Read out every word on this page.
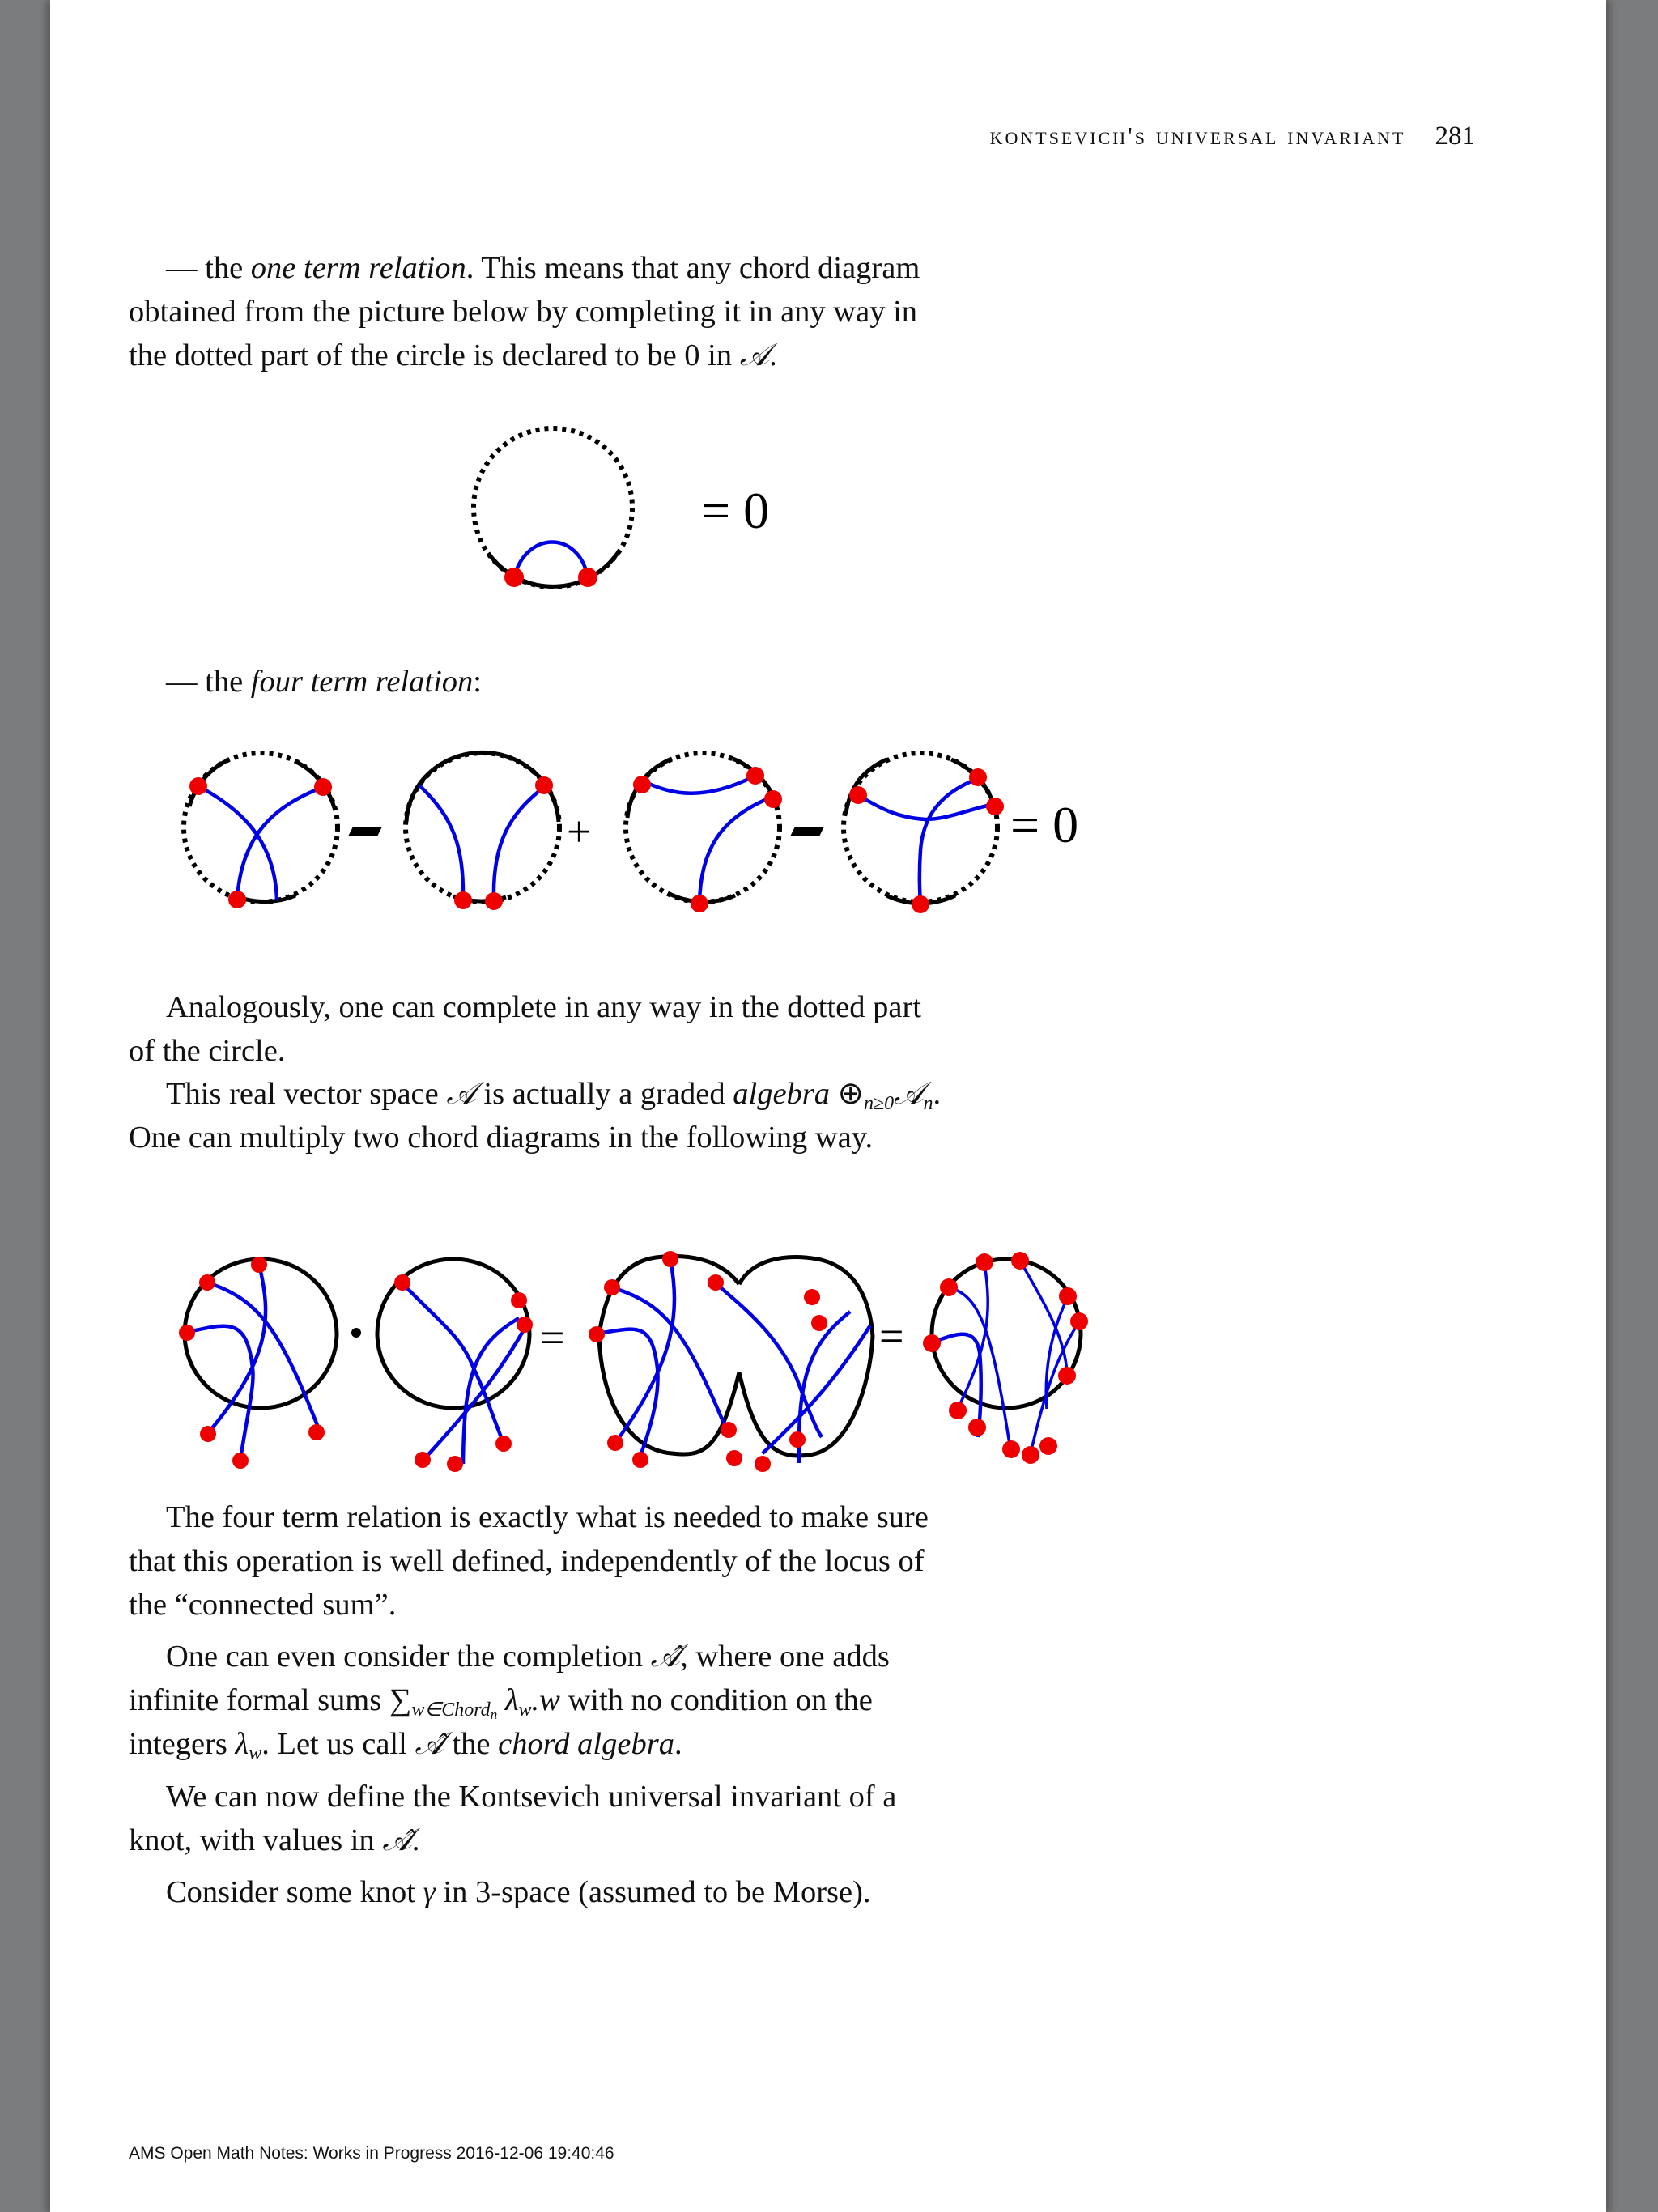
kontsevich's universal invariant 281
— the one term relation. This means that any chord diagram
obtained from the picture below by completing it in any way in
the dotted part of the circle is declared to be 0 in 𝒜.
— the four term relation:
Analogously, one can complete in any way in the dotted part
of the circle.
This real vector space 𝒜 is actually a graded algebra $\oplus_{n\ge 0}𝒜_n$.
One can multiply two chord diagrams in the following way.
The four term relation is exactly what is needed to make sure
that this operation is well defined, independently of the locus of
the “connected sum”.
One can even consider the completion 𝒜̂, where one adds
infinite formal sums $\sum_{w\in Chord_n}$ $\lambda_w.w$ with no condition on the
integers $\lambda_w$. Let us call 𝒜̂ the chord algebra.
We can now define the Kontsevich universal invariant of a
knot, with values in 𝒜̂.
Consider some knot γ in 3-space (assumed to be Morse).
AMS Open Math Notes: Works in Progress 2016-12-06 19:40:46
= 0
+	= 0
=	=
